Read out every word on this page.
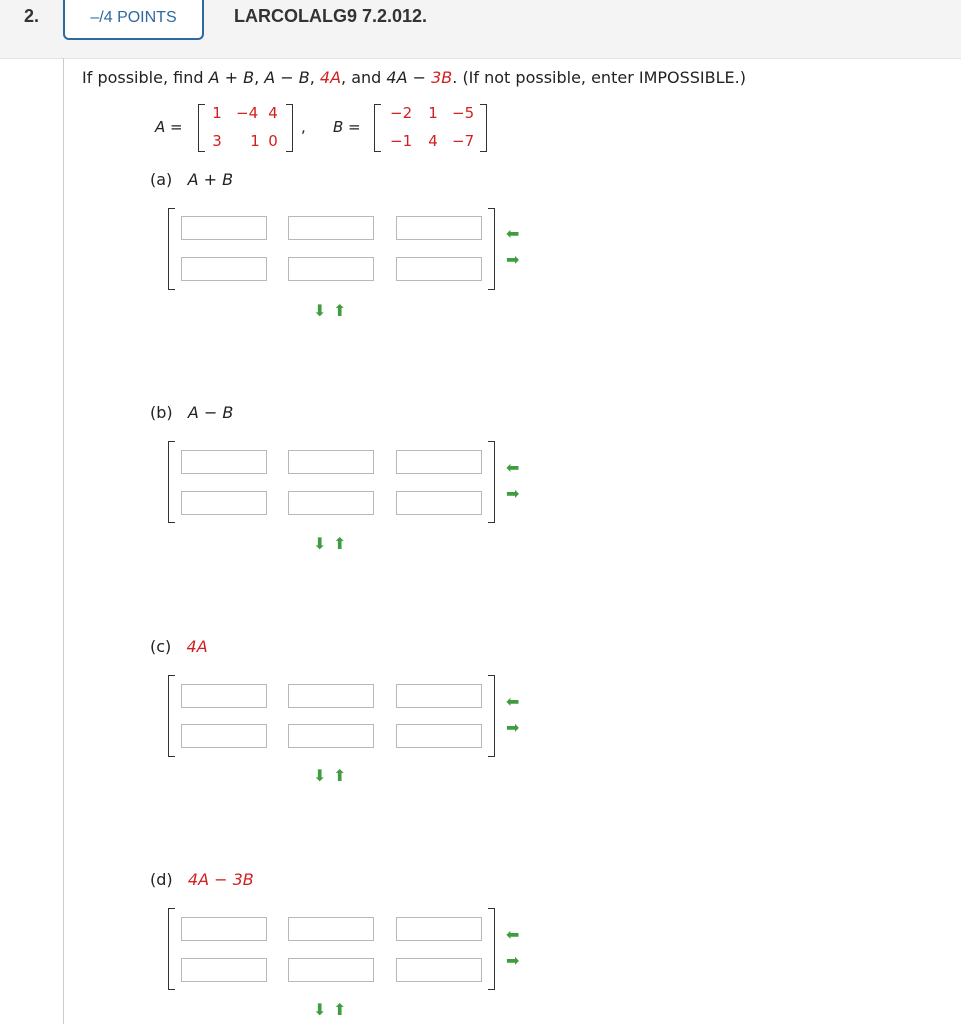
2.	–/4 POINTS	LARCOLALG9 7.2.012.
If possible, find A + B, A − B, 4A, and 4A − 3B. (If not possible, enter IMPOSSIBLE.)
A =
1 −4 4
3	1 0
, B =
−2	1 −5
−1	4 −7
(a) A + B
⬅
➡
⬇ ⬆
(b) A − B
⬅
➡
⬇ ⬆
(c) 4A
⬅
➡
⬇ ⬆
(d) 4A − 3B
⬅
➡
⬇ ⬆
